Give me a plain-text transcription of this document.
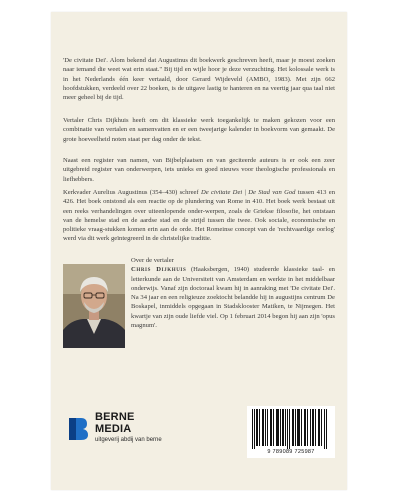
'De civitate Dei'. Alom bekend dat Augustinus dit boekwerk geschreven heeft, maar je moest zoeken naar iemand die weet wat erin staat." Bij tijd en wijle hoor je deze verzuchting. Het kolossale werk is in het Nederlands één keer vertaald, door Gerard Wijdeveld (AMBO, 1983). Met zijn 662 hoofdstukken, verdeeld over 22 boeken, is de uitgave lastig te hanteren en na veertig jaar qua taal niet meer geheel bij de tijd.

Vertaler Chris Dijkhuis heeft om dit klassieke werk toegankelijk te maken gekozen voor een combinatie van vertalen en samenvatten en er een tweejarige kalender in boekvorm van gemaakt. De grote hoeveelheid noten staat per dag onder de tekst.

Naast een register van namen, van Bijbelplaatsen en van geciteerde auteurs is er ook een zeer uitgebreid register van onderwerpen, iets unieks en goed nieuws voor theologische professionals en liefhebbers.

Kerkvader Aurelius Augustinus (354–430) schreef De civitate Dei | De Stad van God tussen 413 en 426. Het boek ontstond als een reactie op de plundering van Rome in 410. Het boek werk bestaat uit een reeks verhandelingen over uiteenlopende onder-werpen, zoals de Griekse filosofie, het ontstaan van de hemelse stad en de aardse stad en de strijd tussen die twee. Ook sociale, economische en politieke vraag-stukken komen erin aan de orde. Het Romeinse concept van de 'rechtvaardige oorlog' werd via dit werk geïntegreerd in de christelijke traditie.

Over de vertaler
Chris Dijkhuis (Haaksbergen, 1940) studeerde klassieke taal- en letterkunde aan de Universiteit van Amsterdam en werkte in het middelbaar onderwijs. Vanaf zijn doctoraal kwam hij in aanraking met 'De civitate Dei'. Na 34 jaar en een religieuze zoektocht belandde hij in augustijns centrum De Boskapel, inmiddels opgegaan in Stadsklooster Matiken, te Nijmegen. Het kwartje van zijn oude liefde viel. Op 1 februari 2014 begon hij aan zijn 'opus magnum'.

BERNE
MEDIA
uitgeverij abdij van berne
9 789089 725987
